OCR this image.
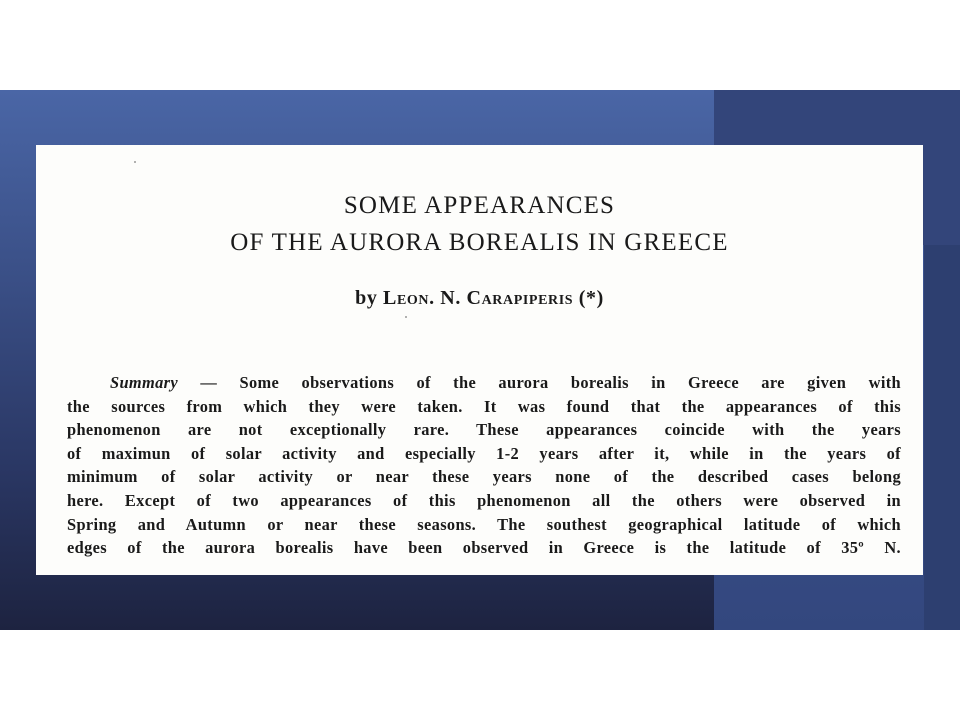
SOME APPEARANCES
OF THE AURORA BOREALIS IN GREECE
by Leon. N. Carapiperis (*)
Summary — Some observations of the aurora borealis in Greece are given with
the sources from which they were taken. It was found that the appearances of this
phenomenon are not exceptionally rare. These appearances coincide with the years
of maximun of solar activity and especially 1-2 years after it, while in the years of
minimum of solar activity or near these years none of the described cases belong
here. Except of two appearances of this phenomenon all the others were observed in
Spring and Autumn or near these seasons. The southest geographical latitude of which
edges of the aurora borealis have been observed in Greece is the latitude of 35º N.
